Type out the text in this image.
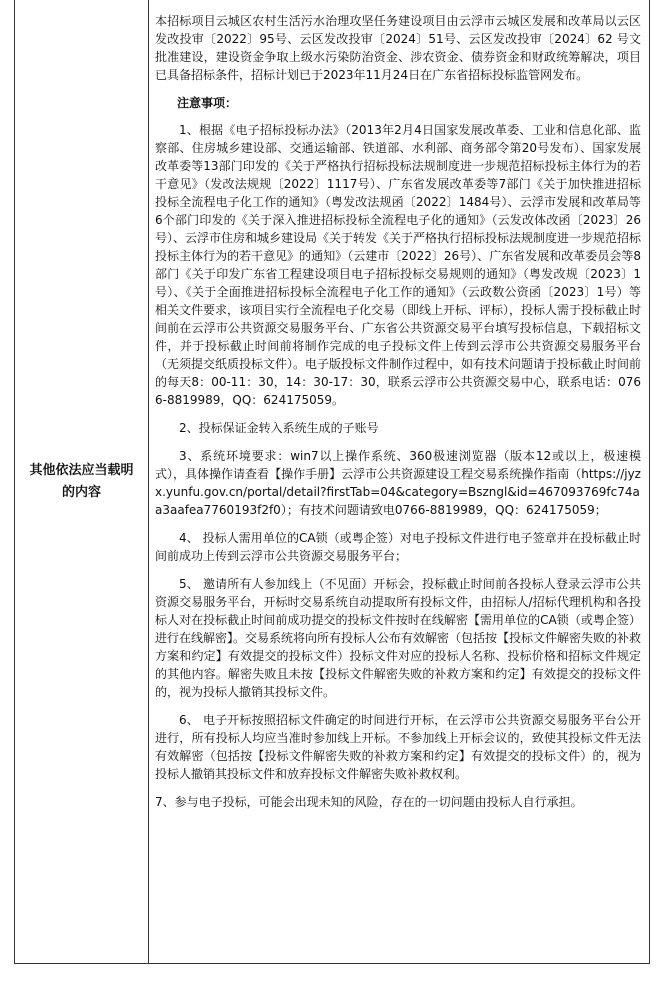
其他依法应当载明的内容

本招标项目云城区农村生活污水治理攻坚任务建设项目由云浮市云城区发展和改革局以云区发改投审〔2022〕95号、云区发改投审〔2024〕51号、云区发改投审〔2024〕62 号文批准建设，建设资金争取上级水污染防治资金、涉农资金、债券资金和财政统筹解决，项目已具备招标条件，招标计划已于2023年11月24日在广东省招标投标监管网发布。

注意事项：

1、根据《电子招标投标办法》（2013年2月4日国家发展改革委、工业和信息化部、监察部、住房城乡建设部、交通运输部、铁道部、水利部、商务部令第20号发布）、国家发展改革委等13部门印发的《关于严格执行招标投标法规制度进一步规范招标投标主体行为的若干意见》（发改法规规〔2022〕1117号）、广东省发展改革委等7部门《关于加快推进招标投标全流程电子化工作的通知》（粤发改法规函〔2022〕1484号）、云浮市发展和改革局等6个部门印发的《关于深入推进招标投标全流程电子化的通知》（云发改体改函〔2023〕26号）、云浮市住房和城乡建设局《关于转发《关于严格执行招标投标法规制度进一步规范招标投标主体行为的若干意见》的通知》（云建市〔2022〕26号）、广东省发展和改革委员会等8部门《关于印发广东省工程建设项目电子招标投标交易规则的通知》（粤发改规〔2023〕1号）、《关于全面推进招标投标全流程电子化工作的通知》（云政数公资函〔2023〕1号）等相关文件要求，该项目实行全流程电子化交易（即线上开标、评标），投标人需于投标截止时间前在云浮市公共资源交易服务平台、广东省公共资源交易平台填写投标信息，下载招标文件，并于投标截止时间前将制作完成的电子投标文件上传到云浮市公共资源交易服务平台（无须提交纸质投标文件）。电子版投标文件制作过程中，如有技术问题请于投标截止时间前的每天8：00-11：30，14：30-17：30，联系云浮市公共资源交易中心，联系电话：0766-8819989，QQ：624175059。

2、投标保证金转入系统生成的子账号

3、系统环境要求：win7以上操作系统、360极速浏览器（版本12或以上，极速模式），具体操作请查看【操作手册】云浮市公共资源建设工程交易系统操作指南（https://jyzx.yunfu.gov.cn/portal/detail?firstTab=04&category=Bszngl&id=467093769fc74aa3aafea7760193f2f0）；有技术问题请致电0766-8819989，QQ：624175059；

4、 投标人需用单位的CA锁（或粤企签）对电子投标文件进行电子签章并在投标截止时间前成功上传到云浮市公共资源交易服务平台；

5、 邀请所有人参加线上（不见面）开标会，投标截止时间前各投标人登录云浮市公共资源交易服务平台，开标时交易系统自动提取所有投标文件，由招标人/招标代理机构和各投标人对在投标截止时间前成功提交的投标文件按时在线解密【需用单位的CA锁（或粤企签）进行在线解密】。交易系统将向所有投标人公布有效解密（包括按【投标文件解密失败的补救方案和约定】有效提交的投标文件）投标文件对应的投标人名称、投标价格和招标文件规定的其他内容。解密失败且未按【投标文件解密失败的补救方案和约定】有效提交的投标文件的，视为投标人撤销其投标文件。

6、 电子开标按照招标文件确定的时间进行开标，在云浮市公共资源交易服务平台公开进行，所有投标人均应当准时参加线上开标。不参加线上开标会议的，致使其投标文件无法有效解密（包括按【投标文件解密失败的补救方案和约定】有效提交的投标文件）的，视为投标人撤销其投标文件和放弃投标文件解密失败补救权利。

7、参与电子投标，可能会出现未知的风险，存在的一切问题由投标人自行承担。
